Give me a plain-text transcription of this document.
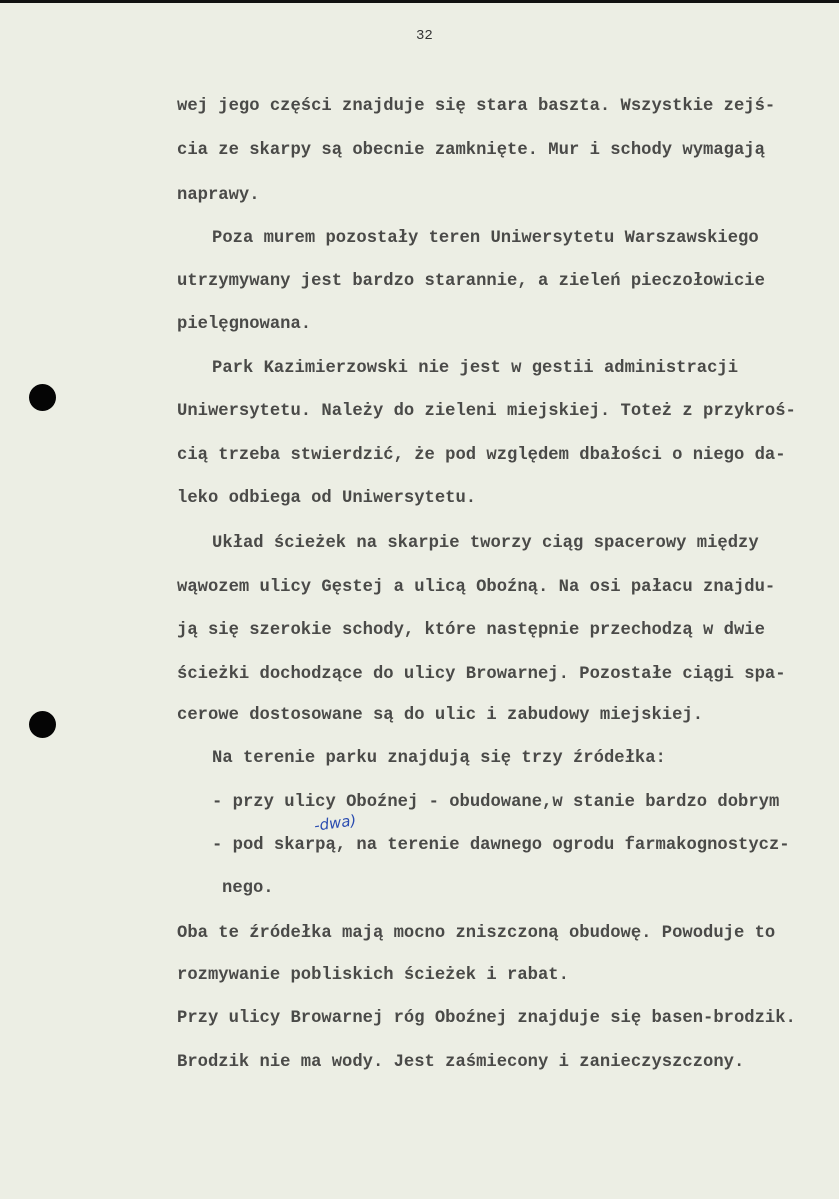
32
wej jego części znajduje się stara baszta. Wszystkie zejś-
cia ze skarpy są obecnie zamknięte. Mur i schody wymagają
naprawy.
Poza murem pozostały teren Uniwersytetu Warszawskiego
utrzymywany jest bardzo starannie, a zieleń pieczołowicie
pielęgnowana.
Park Kazimierzowski nie jest w gestii administracji
Uniwersytetu. Należy do zieleni miejskiej. Toteż z przykroś-
cią trzeba stwierdzić, że pod względem dbałości o niego da-
leko odbiega od Uniwersytetu.
Układ ścieżek na skarpie tworzy ciąg spacerowy między
wąwozem ulicy Gęstej a ulicą Oboźną. Na osi pałacu znajdu-
ją się szerokie schody, które następnie przechodzą w dwie
ścieżki dochodzące do ulicy Browarnej. Pozostałe ciągi spa-
cerowe dostosowane są do ulic i zabudowy miejskiej.
Na terenie parku znajdują się trzy źródełka:
- przy ulicy Oboźnej - obudowane,w stanie bardzo dobrym
- pod skarpą, na terenie dawnego ogrodu farmakognostycz-
nego.
Oba te źródełka mają mocno zniszczoną obudowę. Powoduje to
rozmywanie pobliskich ścieżek i rabat.
Przy ulicy Browarnej róg Oboźnej znajduje się basen-brodzik.
Brodzik nie ma wody. Jest zaśmiecony i zanieczyszczony.
-dwa)
